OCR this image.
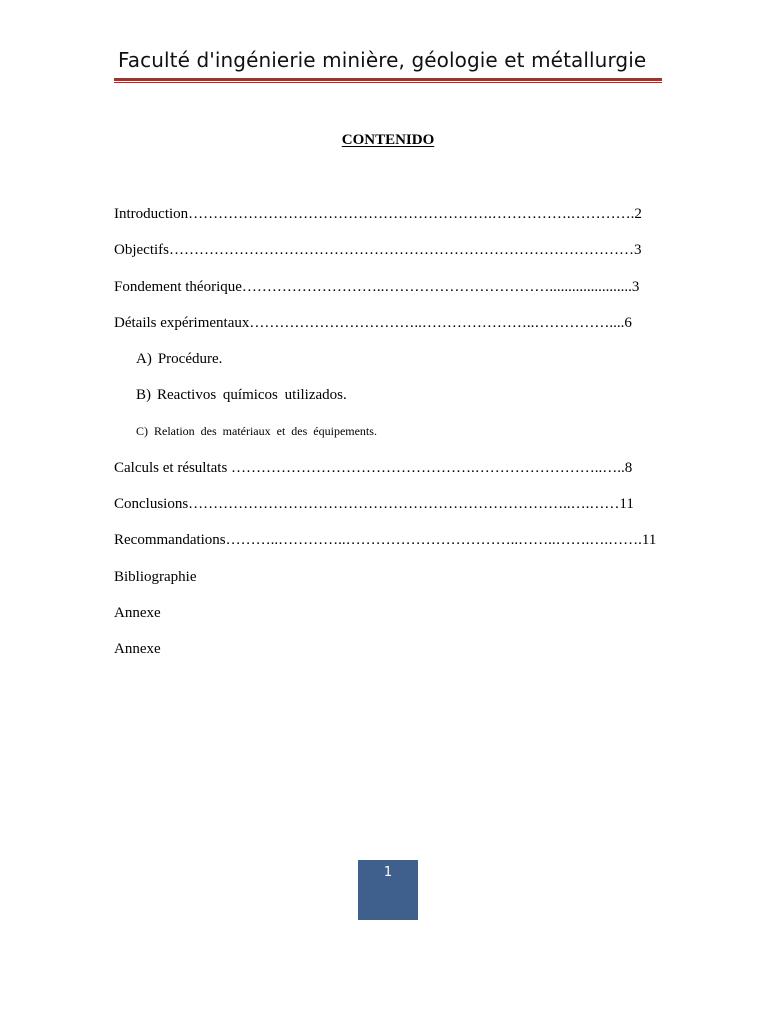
Faculté d'ingénierie minière, géologie et métallurgie
CONTENIDO
Introduction…………………………………………………….…………….………….2
Objectifs…………………………………………………………………………………3
Fondement théorique………………………..……………………………......................3
Détails expérimentaux……………………………..…………………..……………....6
A) Procédure.
B) Reactivos químicos utilizados.
C) Relation des matériaux et des équipements.
Calculs et résultats ………………………………………….……………………..…..8
Conclusions…………………………………………………………………..….……11
Recommandations………..…………..……………………………..……..…….….…….11
Bibliographie
Annexe
Annexe
1
